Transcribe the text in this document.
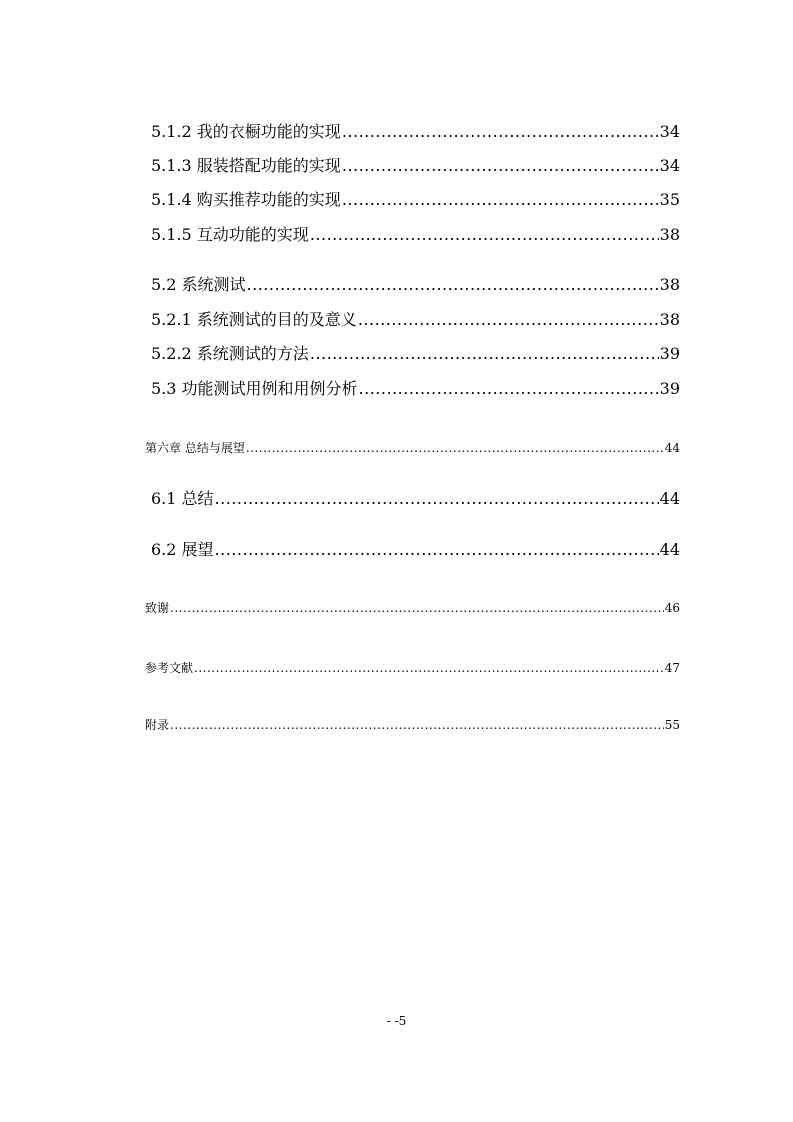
5.1.2 我的衣橱功能的实现 .....	34
5.1.3 服装搭配功能的实现 .....	34
5.1.4 购买推荐功能的实现 .....	35
5.1.5 互动功能的实现 .....	38
5.2 系统测试 .....	38
5.2.1 系统测试的目的及意义 .....	38
5.2.2 系统测试的方法 .....	39
5.3 功能测试用例和用例分析 .....	39
第六章 总结与展望 .....	44
6.1 总结 .....	44
6.2 展望 .....	44
致谢 .....	46
参考文献 .....	47
附录 .....	55
- -5
